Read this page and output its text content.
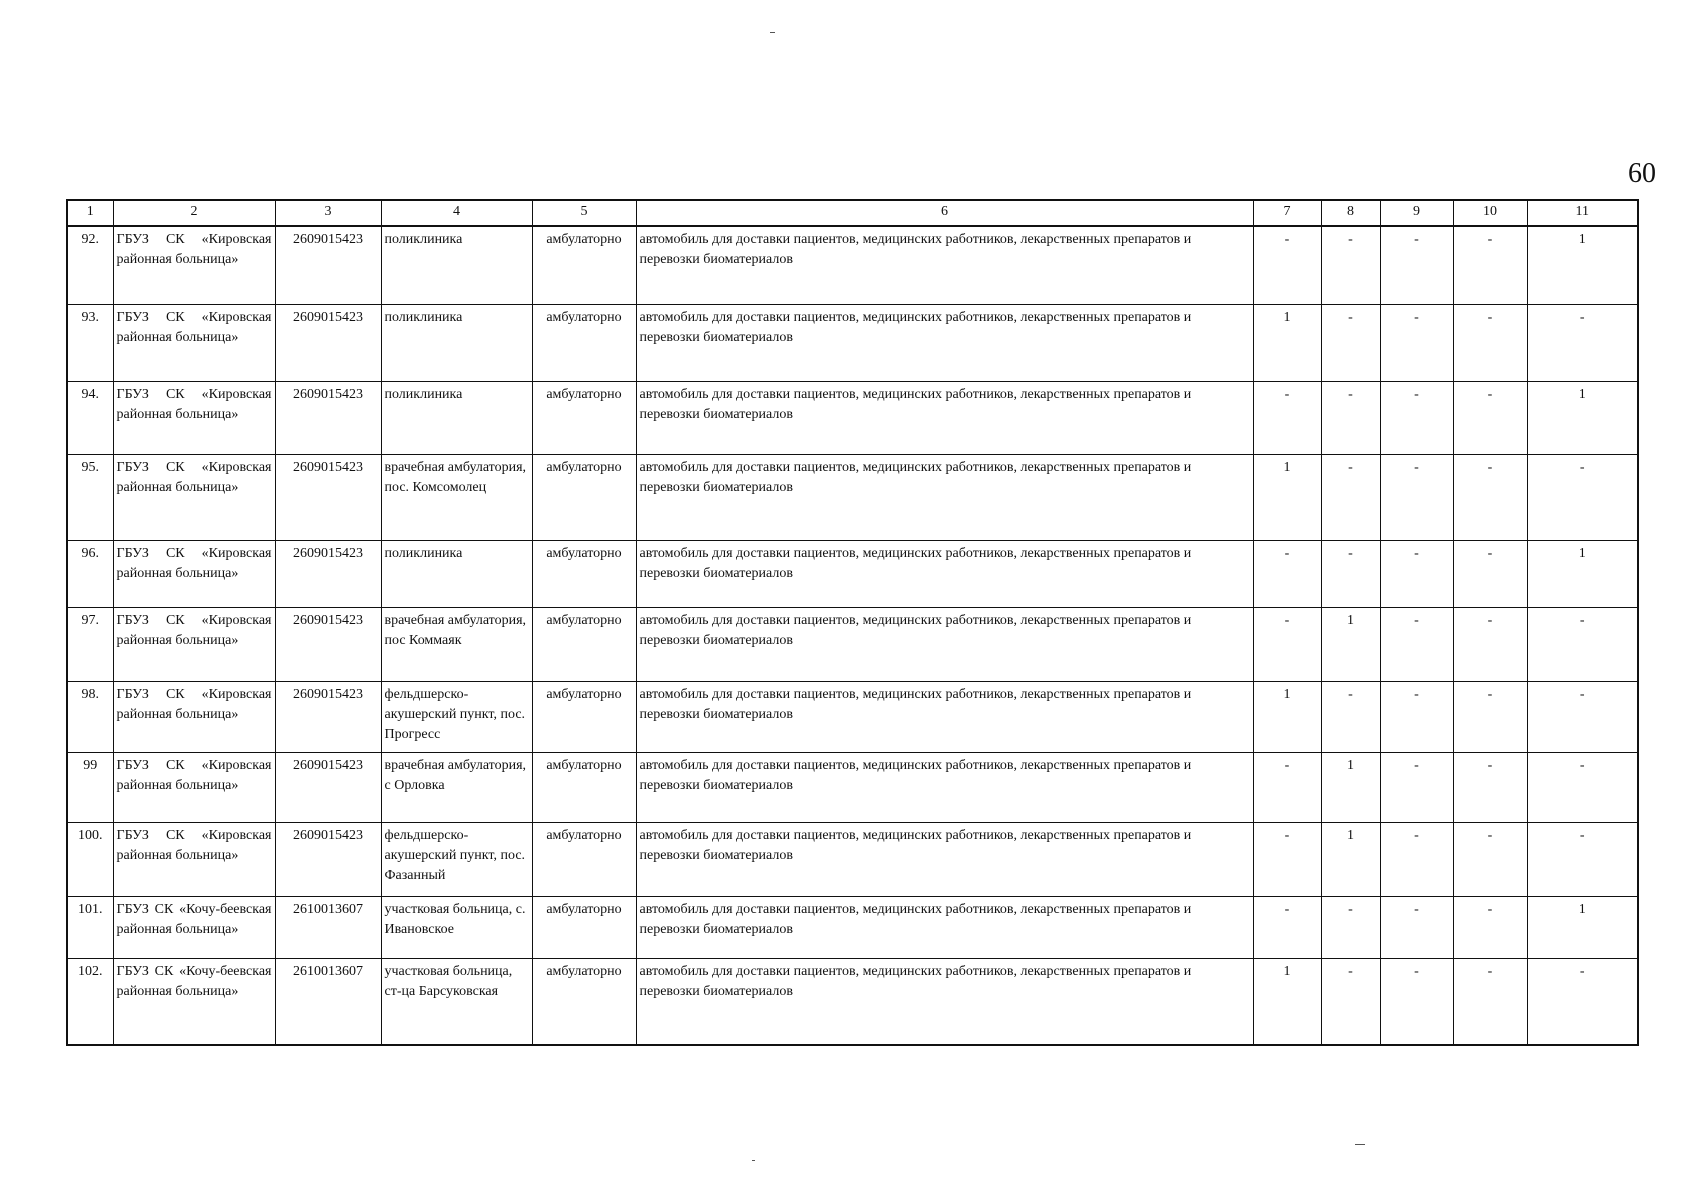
60
1	2	3	4	5	6	7	8	9	10	11
92.	ГБУЗ СК «Кировская районная больница»	2609015423	поликлиника	амбулаторно	автомобиль для доставки пациентов, медицинских работников, лекарственных препаратов и перевозки биоматериалов	-	-	-	-	1
93.	ГБУЗ СК «Кировская районная больница»	2609015423	поликлиника	амбулаторно	автомобиль для доставки пациентов, медицинских работников, лекарственных препаратов и перевозки биоматериалов	1	-	-	-	-
94.	ГБУЗ СК «Кировская районная больница»	2609015423	поликлиника	амбулаторно	автомобиль для доставки пациентов, медицинских работников, лекарственных препаратов и перевозки биоматериалов	-	-	-	-	1
95.	ГБУЗ СК «Кировская районная больница»	2609015423	врачебная амбулатория, пос. Комсомолец	амбулаторно	автомобиль для доставки пациентов, медицинских работников, лекарственных препаратов и перевозки биоматериалов	1	-	-	-	-
96.	ГБУЗ СК «Кировская районная больница»	2609015423	поликлиника	амбулаторно	автомобиль для доставки пациентов, медицинских работников, лекарственных препаратов и перевозки биоматериалов	-	-	-	-	1
97.	ГБУЗ СК «Кировская районная больница»	2609015423	врачебная амбулатория, пос Коммаяк	амбулаторно	автомобиль для доставки пациентов, медицинских работников, лекарственных препаратов и перевозки биоматериалов	-	1	-	-	-
98.	ГБУЗ СК «Кировская районная больница»	2609015423	фельдшерско-акушерский пункт, пос. Прогресс	амбулаторно	автомобиль для доставки пациентов, медицинских работников, лекарственных препаратов и перевозки биоматериалов	1	-	-	-	-
99	ГБУЗ СК «Кировская районная больница»	2609015423	врачебная амбулатория, с Орловка	амбулаторно	автомобиль для доставки пациентов, медицинских работников, лекарственных препаратов и перевозки биоматериалов	-	1	-	-	-
100.	ГБУЗ СК «Кировская районная больница»	2609015423	фельдшерско-акушерский пункт, пос. Фазанный	амбулаторно	автомобиль для доставки пациентов, медицинских работников, лекарственных препаратов и перевозки биоматериалов	-	1	-	-	-
101.	ГБУЗ СК «Кочу-беевская районная больница»	2610013607	участковая больница, с. Ивановское	амбулаторно	автомобиль для доставки пациентов, медицинских работников, лекарственных препаратов и перевозки биоматериалов	-	-	-	-	1
102.	ГБУЗ СК «Кочу-беевская районная больница»	2610013607	участковая больница, ст-ца Барсуковская	амбулаторно	автомобиль для доставки пациентов, медицинских работников, лекарственных препаратов и перевозки биоматериалов	1	-	-	-	-
